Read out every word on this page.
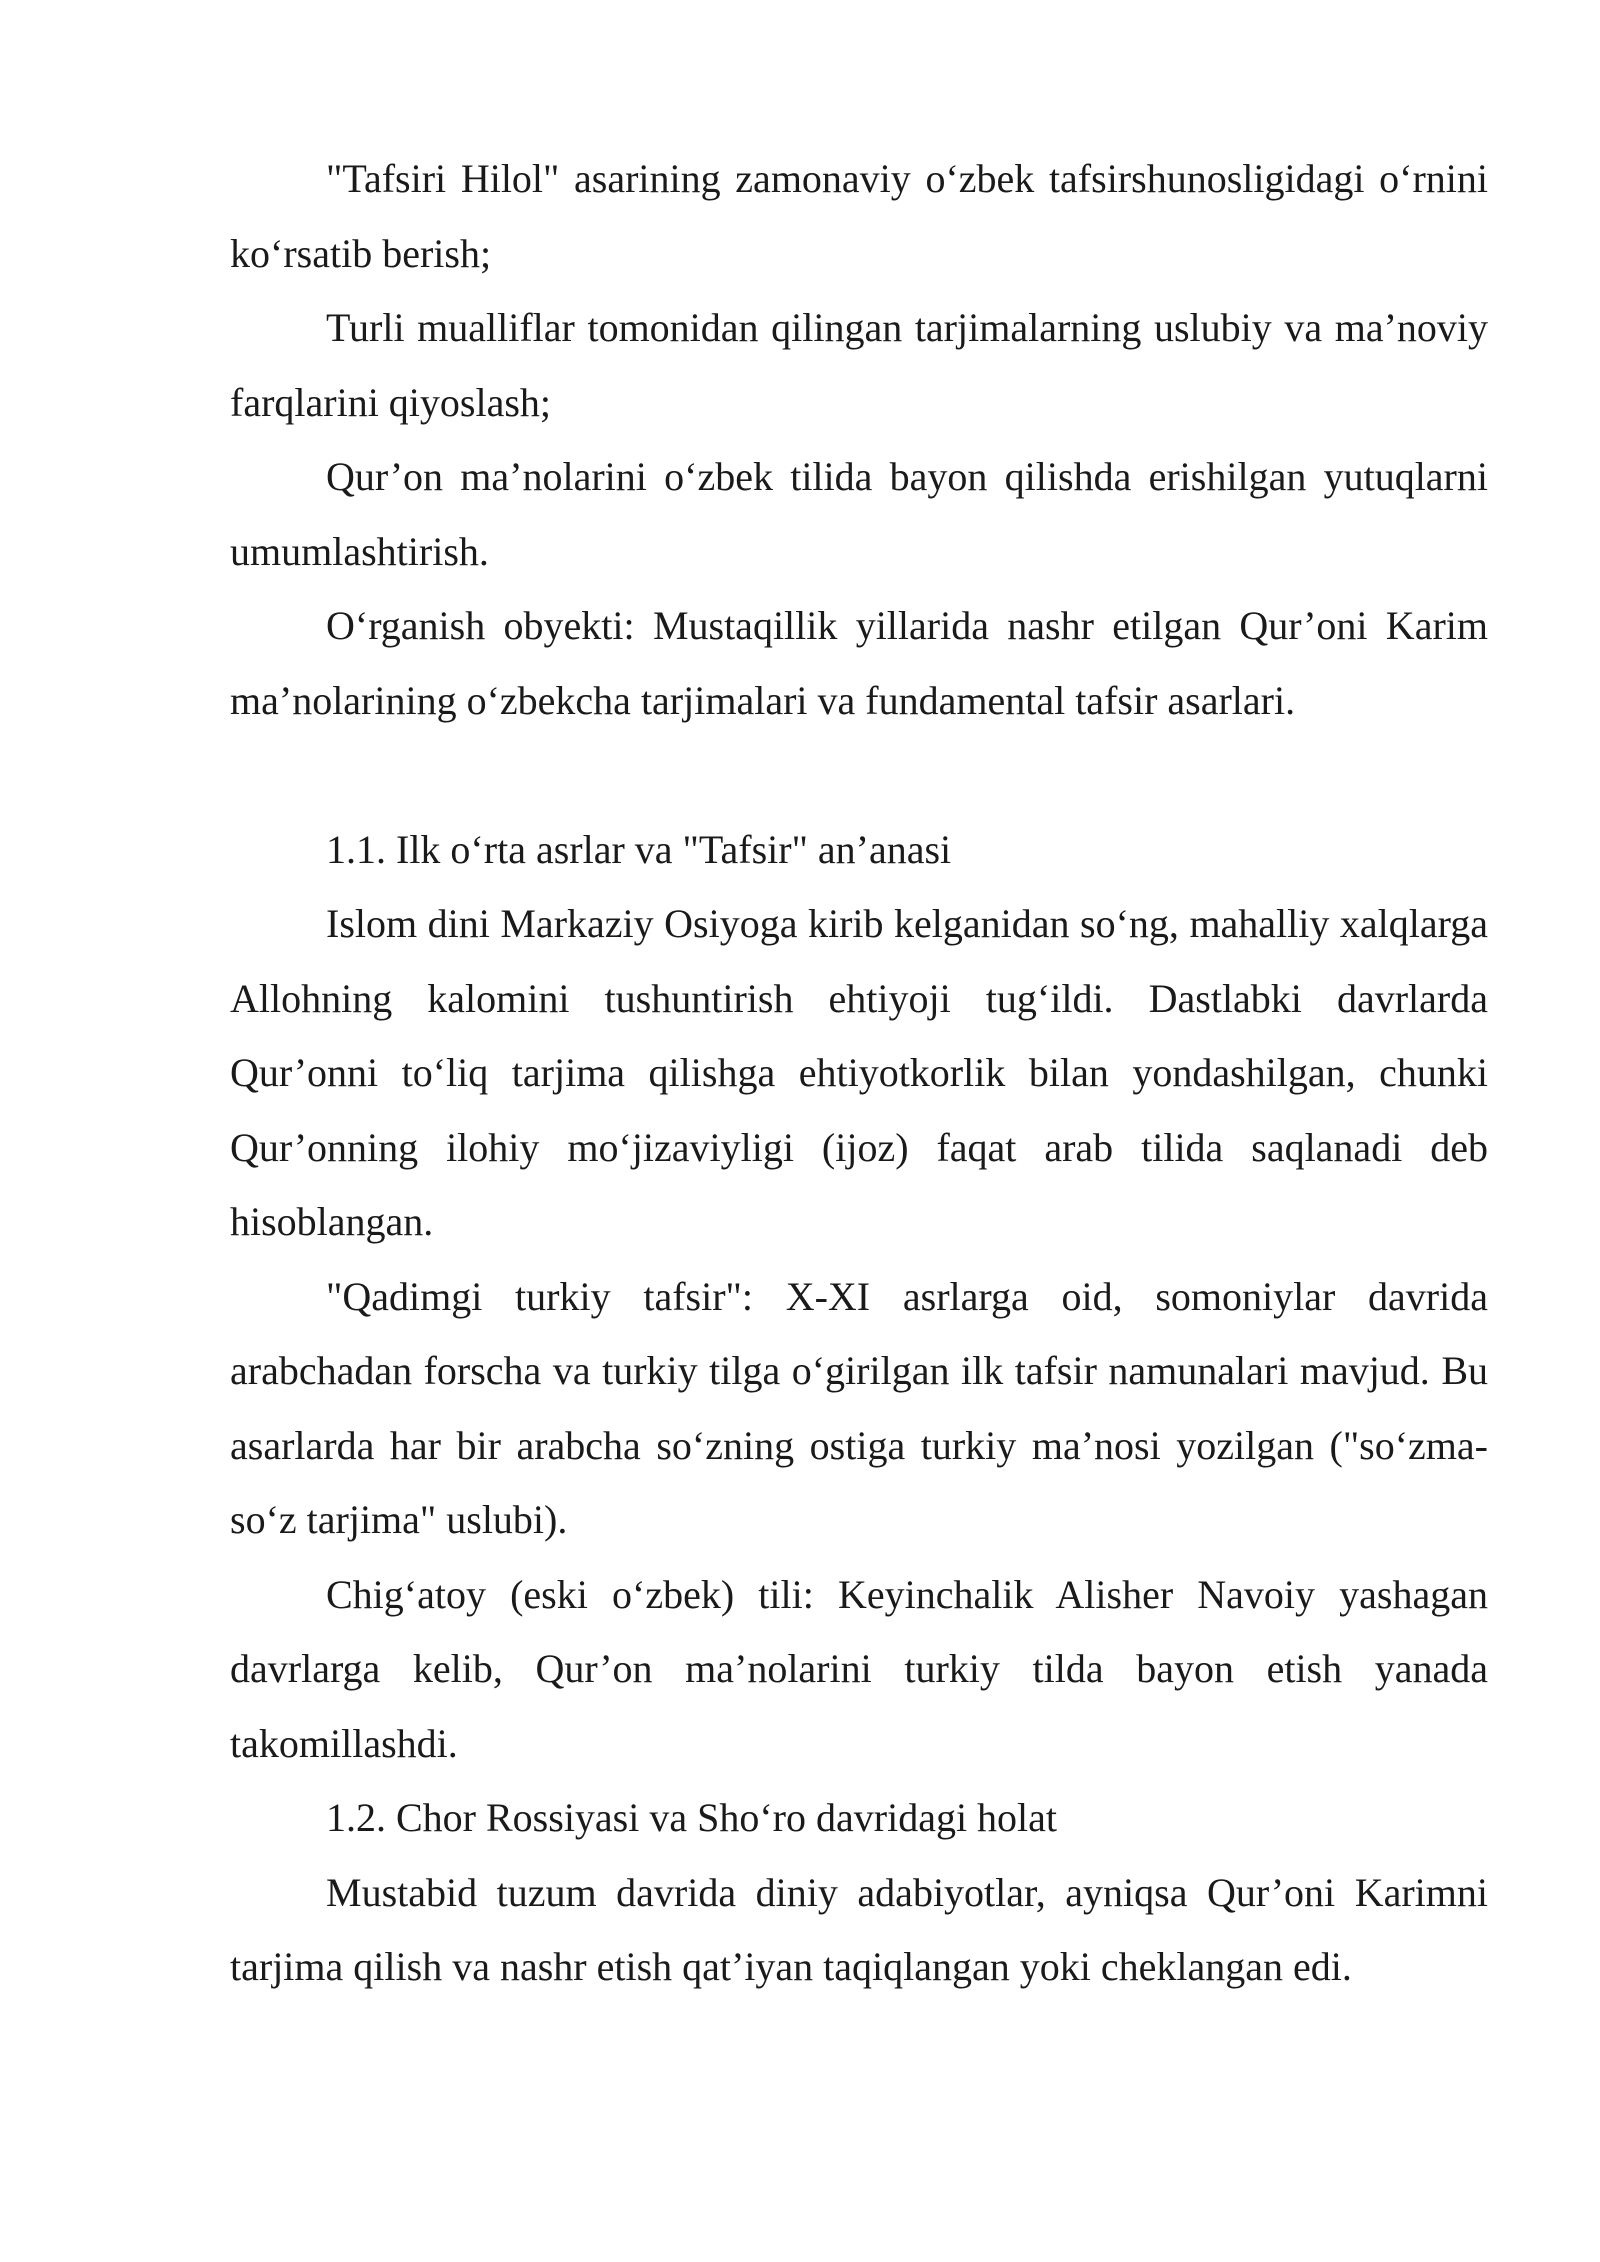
"Tafsiri Hilol" asarining zamonaviy o‘zbek tafsirshunosligidagi o‘rnini ko‘rsatib berish;

Turli mualliflar tomonidan qilingan tarjimalarning uslubiy va ma’noviy farqlarini qiyoslash;

Qur’on ma’nolarini o‘zbek tilida bayon qilishda erishilgan yutuqlarni umumlashtirish.

O‘rganish obyekti: Mustaqillik yillarida nashr etilgan Qur’oni Karim ma’nolarining o‘zbekcha tarjimalari va fundamental tafsir asarlari.

1.1. Ilk o‘rta asrlar va "Tafsir" an’anasi

Islom dini Markaziy Osiyoga kirib kelganidan so‘ng, mahalliy xalqlarga Allohning kalomini tushuntirish ehtiyoji tug‘ildi. Dastlabki davrlarda Qur’onni to‘liq tarjima qilishga ehtiyotkorlik bilan yondashilgan, chunki Qur’onning ilohiy mo‘jizaviyligi (ijoz) faqat arab tilida saqlanadi deb hisoblangan.

"Qadimgi turkiy tafsir": X-XI asrlarga oid, somoniylar davrida arabchadan forscha va turkiy tilga o‘girilgan ilk tafsir namunalari mavjud. Bu asarlarda har bir arabcha so‘zning ostiga turkiy ma’nosi yozilgan ("so‘zma-so‘z tarjima" uslubi).

Chig‘atoy (eski o‘zbek) tili: Keyinchalik Alisher Navoiy yashagan davrlarga kelib, Qur’on ma’nolarini turkiy tilda bayon etish yanada takomillashdi.

1.2. Chor Rossiyasi va Sho‘ro davridagi holat

Mustabid tuzum davrida diniy adabiyotlar, ayniqsa Qur’oni Karimni tarjima qilish va nashr etish qat’iyan taqiqlangan yoki cheklangan edi.
